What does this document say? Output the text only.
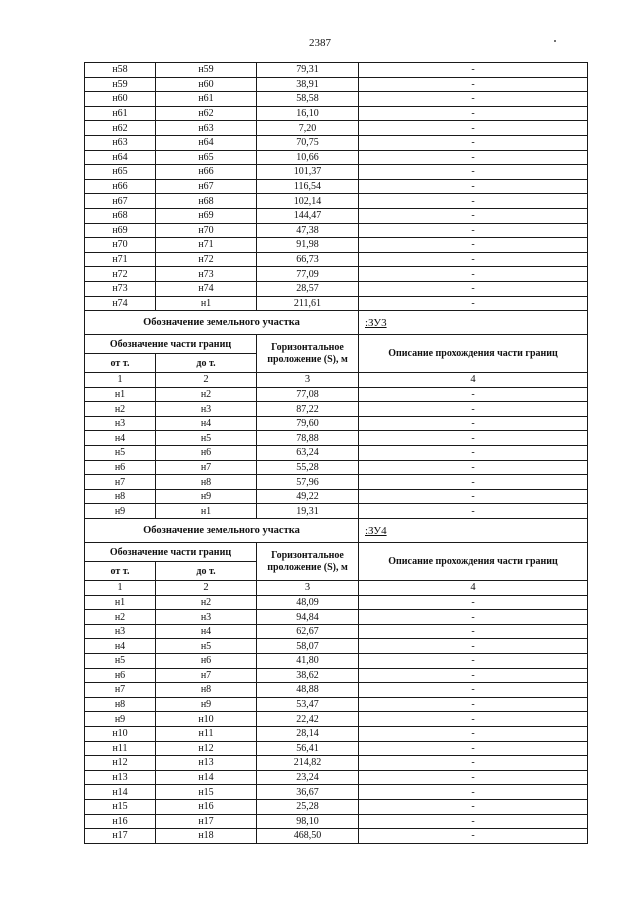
2387
н58	н59	79,31	-
н59	н60	38,91	-
н60	н61	58,58	-
н61	н62	16,10	-
н62	н63	7,20	-
н63	н64	70,75	-
н64	н65	10,66	-
н65	н66	101,37	-
н66	н67	116,54	-
н67	н68	102,14	-
н68	н69	144,47	-
н69	н70	47,38	-
н70	н71	91,98	-
н71	н72	66,73	-
н72	н73	77,09	-
н73	н74	28,57	-
н74	н1	211,61	-
Обозначение земельного участка			:ЗУ3
Обозначение части границ		Горизонтальное проложение (S), м	Описание прохождения части границ
от т.	до т.		
1	2	3	4
н1	н2	77,08	-
н2	н3	87,22	-
н3	н4	79,60	-
н4	н5	78,88	-
н5	н6	63,24	-
н6	н7	55,28	-
н7	н8	57,96	-
н8	н9	49,22	-
н9	н1	19,31	-
Обозначение земельного участка			:ЗУ4
Обозначение части границ		Горизонтальное проложение (S), м	Описание прохождения части границ
от т.	до т.		
1	2	3	4
н1	н2	48,09	-
н2	н3	94,84	-
н3	н4	62,67	-
н4	н5	58,07	-
н5	н6	41,80	-
н6	н7	38,62	-
н7	н8	48,88	-
н8	н9	53,47	-
н9	н10	22,42	-
н10	н11	28,14	-
н11	н12	56,41	-
н12	н13	214,82	-
н13	н14	23,24	-
н14	н15	36,67	-
н15	н16	25,28	-
н16	н17	98,10	-
н17	н18	468,50	-
